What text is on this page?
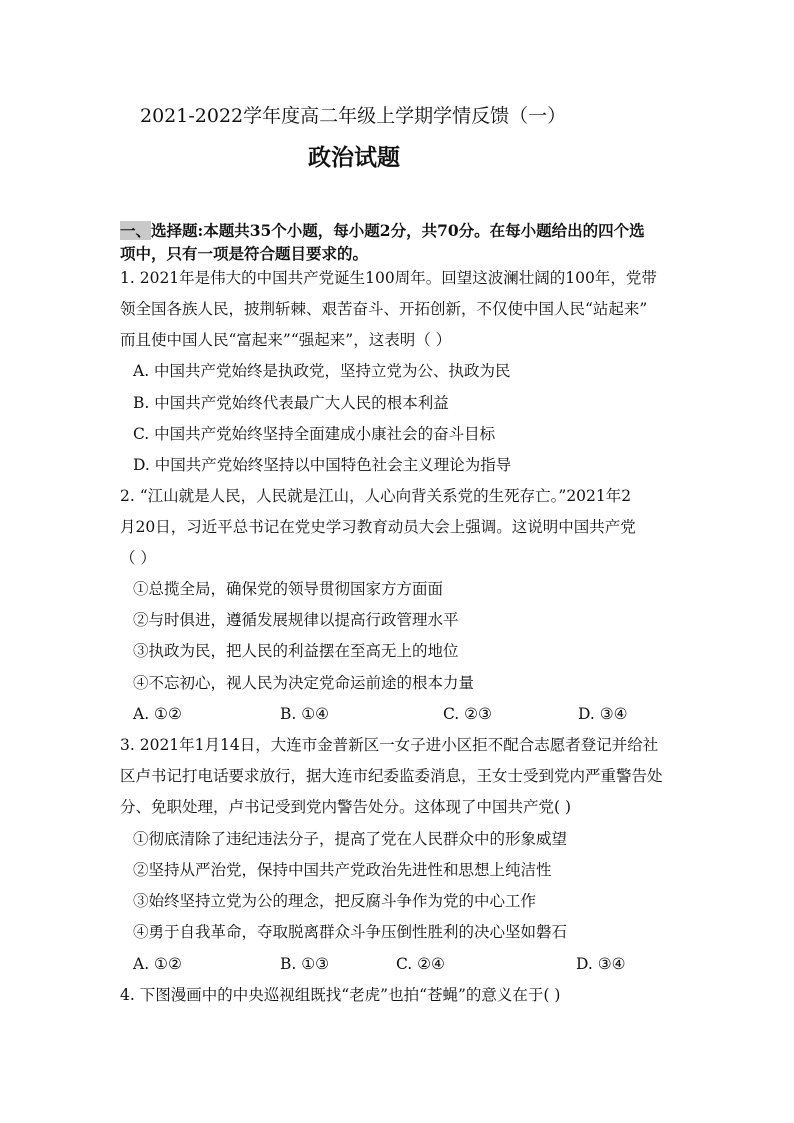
2021-2022学年度高二年级上学期学情反馈（一）
政治试题
一、选择题:本题共35个小题，每小题2分，共70分。在每小题给出的四个选
项中，只有一项是符合题目要求的。
1. 2021年是伟大的中国共产党诞生100周年。回望这波澜壮阔的100年，党带
领全国各族人民，披荆斩棘、艰苦奋斗、开拓创新，不仅使中国人民“站起来”
而且使中国人民“富起来”“强起来”，这表明（ ）
A. 中国共产党始终是执政党，坚持立党为公、执政为民
B. 中国共产党始终代表最广大人民的根本利益
C. 中国共产党始终坚持全面建成小康社会的奋斗目标
D. 中国共产党始终坚持以中国特色社会主义理论为指导
2. “江山就是人民，人民就是江山，人心向背关系党的生死存亡。”2021年2
月20日，习近平总书记在党史学习教育动员大会上强调。这说明中国共产党
（ ）
①总揽全局，确保党的领导贯彻国家方方面面
②与时俱进，遵循发展规律以提高行政管理水平
③执政为民，把人民的利益摆在至高无上的地位
④不忘初心，视人民为决定党命运前途的根本力量
A. ①②	B. ①④	C. ②③	D. ③④
3. 2021年1月14日，大连市金普新区一女子进小区拒不配合志愿者登记并给社
区卢书记打电话要求放行，据大连市纪委监委消息，王女士受到党内严重警告处
分、免职处理，卢书记受到党内警告处分。这体现了中国共产党( )
①彻底清除了违纪违法分子，提高了党在人民群众中的形象威望
②坚持从严治党，保持中国共产党政治先进性和思想上纯洁性
③始终坚持立党为公的理念，把反腐斗争作为党的中心工作
④勇于自我革命，夺取脱离群众斗争压倒性胜利的决心坚如磐石
A. ①②	B. ①③	C. ②④	D. ③④
4. 下图漫画中的中央巡视组既找“老虎”也拍“苍蝇”的意义在于( )
